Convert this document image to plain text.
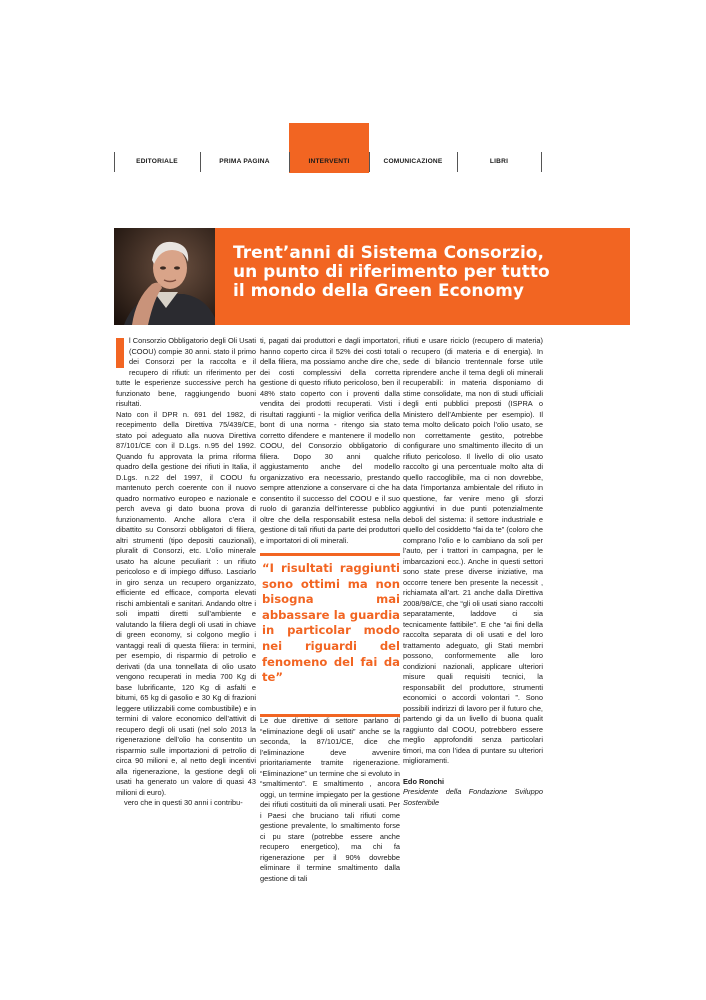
EDITORIALE	PRIMA PAGINA	INTERVENTI	COMUNICAZIONE	LIBRI
Trent’anni di Sistema Consorzio,
un punto di riferimento per tutto
il mondo della Green Economy

l Consorzio Obbligatorio degli Oli Usati (COOU) compie 30 anni. stato il primo dei Consorzi per la raccolta e il recupero di rifiuti: un riferimento per tutte le esperienze successive perch ha funzionato bene, raggiungendo buoni risultati.

Nato con il DPR n. 691 del 1982, di recepimento della Direttiva 75/439/CE, stato poi adeguato alla nuova Direttiva 87/101/CE con il D.Lgs. n.95 del 1992. Quando fu approvata la prima riforma quadro della gestione dei rifiuti in Italia, il D.Lgs. n.22 del 1997, il COOU fu mantenuto perch coerente con il nuovo quadro normativo europeo e nazionale e perch aveva gi dato buona prova di funzionamento. Anche allora c’era il dibattito su Consorzi obbligatori di filiera, altri strumenti (tipo depositi cauzionali), pluralit di Consorzi, etc. L’olio minerale usato ha alcune peculiarit : un rifiuto pericoloso e di impiego diffuso. Lasciarlo in giro senza un recupero organizzato, efficiente ed efficace, comporta elevati rischi ambientali e sanitari. Andando oltre i soli impatti diretti sull’ambiente e valutando la filiera degli oli usati in chiave di green economy, si colgono meglio i vantaggi reali di questa filiera: in termini, per esempio, di risparmio di petrolio e derivati (da una tonnellata di olio usato vengono recuperati in media 700 Kg di base lubrificante, 120 Kg di asfalti e bitumi, 65 kg di gasolio e 30 Kg di frazioni leggere utilizzabili come combustibile) e in termini di valore economico dell’attivit di recupero degli oli usati (nel solo 2013 la rigenerazione dell’olio ha consentito un risparmio sulle importazioni di petrolio di circa 90 milioni e, al netto degli incentivi alla rigenerazione, la gestione degli oli usati ha generato un valore di quasi 43 milioni di euro).

vero che in questi 30 anni i contribu-

ti, pagati dai produttori e dagli importatori, hanno coperto circa il 52% dei costi totali della filiera, ma possiamo anche dire che, dei costi complessivi della corretta gestione di questo rifiuto pericoloso, ben il 48% stato coperto con i proventi dalla vendita dei prodotti recuperati. Visti i risultati raggiunti - la miglior verifica della bont di una norma - ritengo sia stato corretto difendere e mantenere il modello COOU, del Consorzio obbligatorio di filiera. Dopo 30 anni qualche aggiustamento anche del modello organizzativo era necessario, prestando sempre attenzione a conservare ci che ha consentito il successo del COOU e il suo ruolo di garanzia dell’interesse pubblico oltre che della responsabilit estesa nella gestione di tali rifiuti da parte dei produttori e importatori di oli minerali.

“I risultati raggiunti sono ottimi ma non bisogna mai abbassare la guardia in particolar modo nei riguardi del fenomeno del fai da te”

Le due direttive di settore parlano di “eliminazione degli oli usati” anche se la seconda, la 87/101/CE, dice che l’eliminazione deve avvenire prioritariamente tramite rigenerazione. “Eliminazione” un termine che si evoluto in “smaltimento”. E smaltimento , ancora oggi, un termine impiegato per la gestione dei rifiuti costituiti da oli minerali usati. Per i Paesi che bruciano tali rifiuti come gestione prevalente, lo smaltimento forse ci pu stare (potrebbe essere anche recupero energetico), ma chi fa rigenerazione per il 90% dovrebbe eliminare il termine smaltimento dalla gestione di tali

rifiuti e usare riciclo (recupero di materia) o recupero (di materia e di energia). In sede di bilancio trentennale forse utile riprendere anche il tema degli oli minerali recuperabili: in materia disponiamo di stime consolidate, ma non di studi ufficiali degli enti pubblici preposti (ISPRA o Ministero dell’Ambiente per esempio). Il tema molto delicato poich l’olio usato, se non correttamente gestito, potrebbe configurare uno smaltimento illecito di un rifiuto pericoloso. Il livello di olio usato raccolto gi una percentuale molto alta di quello raccoglibile, ma ci non dovrebbe, data l’importanza ambientale del rifiuto in questione, far venire meno gli sforzi aggiuntivi in due punti potenzialmente deboli del sistema: il settore industriale e quello del cosiddetto “fai da te” (coloro che comprano l’olio e lo cambiano da soli per l’auto, per i trattori in campagna, per le imbarcazioni ecc.). Anche in questi settori sono state prese diverse iniziative, ma occorre tenere ben presente la necessit , richiamata all’art. 21 anche dalla Direttiva 2008/98/CE, che “gli oli usati siano raccolti separatamente, laddove ci sia tecnicamente fattibile”. E che “ai fini della raccolta separata di oli usati e del loro trattamento adeguato, gli Stati membri possono, conformemente alle loro condizioni nazionali, applicare ulteriori misure quali requisiti tecnici, la responsabilit del produttore, strumenti economici o accordi volontari ”. Sono possibili indirizzi di lavoro per il futuro che, partendo gi da un livello di buona qualit raggiunto dal COOU, potrebbero essere meglio approfonditi senza particolari timori, ma con l’idea di puntare su ulteriori miglioramenti.

Edo Ronchi

Presidente della Fondazione Sviluppo Sostenibile
